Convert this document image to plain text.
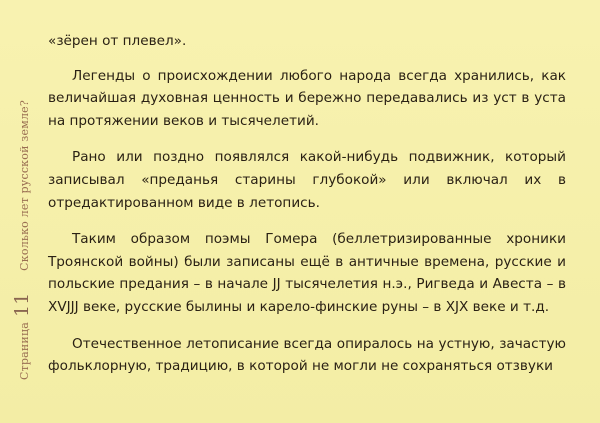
Страница
11
Сколько лет русской земле?

«зёрен от плевел».

Легенды о происхождении любого народа всегда хранились, как величайшая духовная ценность и бережно передавались из уст в уста на протяжении веков и тысячелетий.

Рано или поздно появлялся какой-нибудь подвижник, который записывал «преданья старины глубокой» или включал их в отредактированном виде в летопись.

Таким образом поэмы Гомера (беллетризированные хроники Троянской войны) были записаны ещё в античные времена, русские и польские предания – в начале JJ тысячелетия н.э., Ригведа и Авеста – в XVJJJ веке, русские былины и карело-финские руны – в XJX веке и т.д.

Отечественное летописание всегда опиралось на устную, зачастую фольклорную, традицию, в которой не могли не сохраняться отзвуки
